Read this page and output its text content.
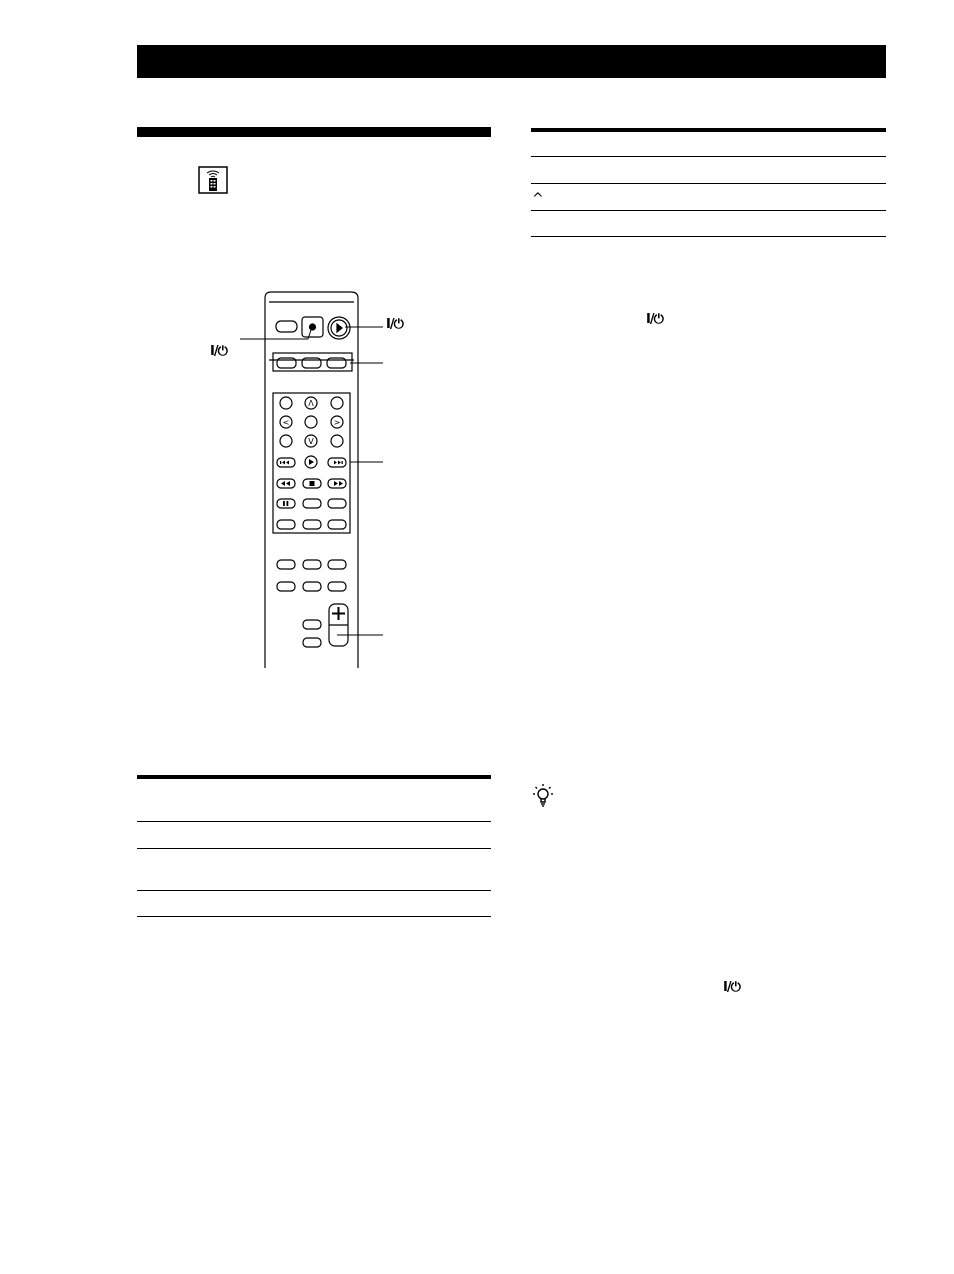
Λ
<	>
V
I/⏻
I/⏻
^
I/⏻
I/⏻
